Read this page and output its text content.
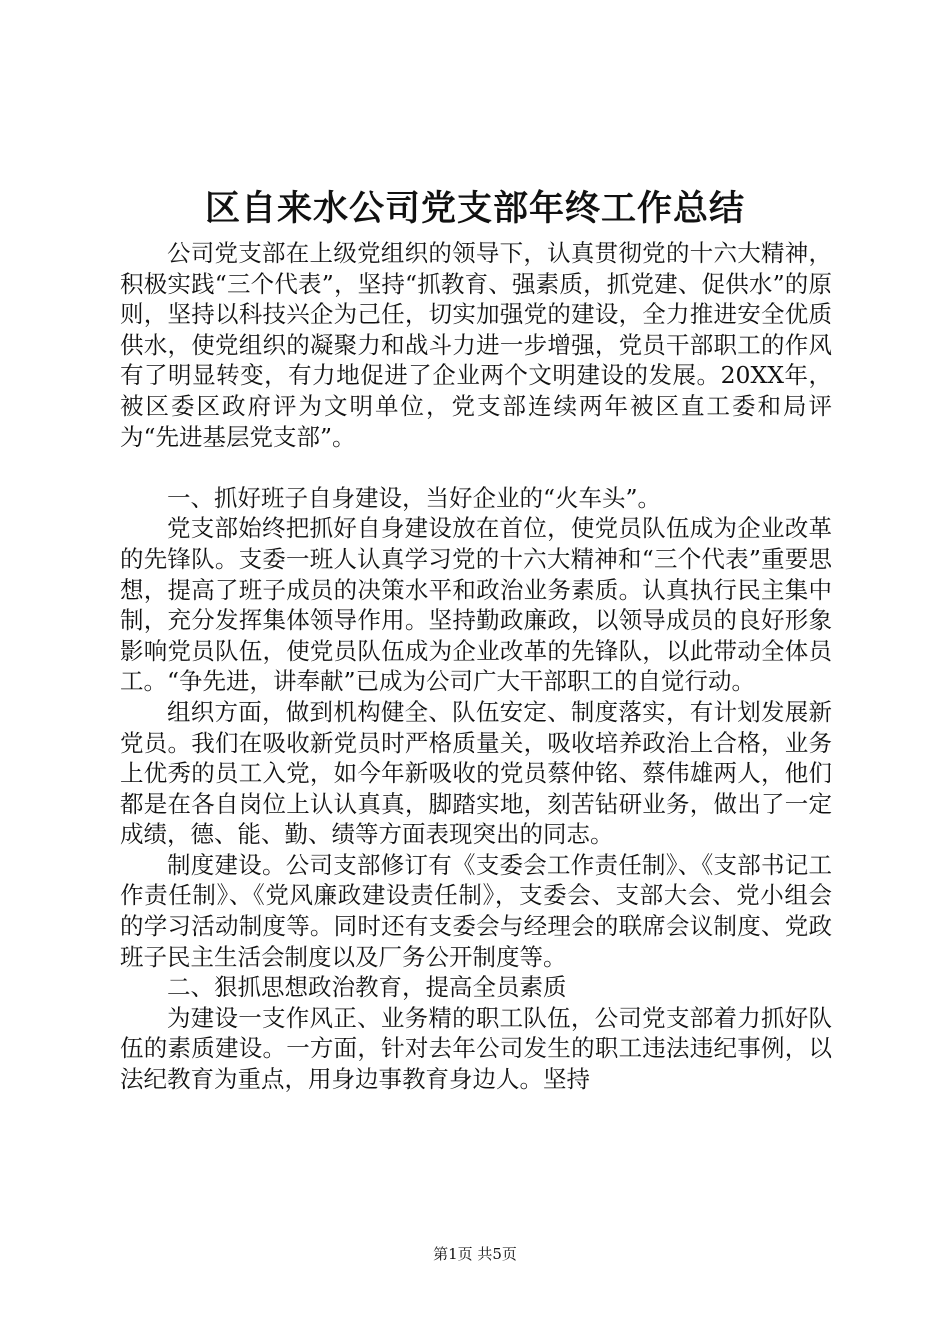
区自来水公司党支部年终工作总结

公司党支部在上级党组织的领导下，认真贯彻党的十六大精神，积极实践“三个代表”，坚持“抓教育、强素质，抓党建、促供水”的原则，坚持以科技兴企为己任，切实加强党的建设，全力推进安全优质供水，使党组织的凝聚力和战斗力进一步增强，党员干部职工的作风有了明显转变，有力地促进了企业两个文明建设的发展。20XX年，被区委区政府评为文明单位，党支部连续两年被区直工委和局评为“先进基层党支部”。

一、抓好班子自身建设，当好企业的“火车头”。

党支部始终把抓好自身建设放在首位，使党员队伍成为企业改革的先锋队。支委一班人认真学习党的十六大精神和“三个代表”重要思想，提高了班子成员的决策水平和政治业务素质。认真执行民主集中制，充分发挥集体领导作用。坚持勤政廉政，以领导成员的良好形象影响党员队伍，使党员队伍成为企业改革的先锋队，以此带动全体员工。“争先进，讲奉献”已成为公司广大干部职工的自觉行动。

组织方面，做到机构健全、队伍安定、制度落实，有计划发展新党员。我们在吸收新党员时严格质量关，吸收培养政治上合格，业务上优秀的员工入党，如今年新吸收的党员蔡仲铭、蔡伟雄两人，他们都是在各自岗位上认认真真，脚踏实地，刻苦钻研业务，做出了一定成绩，德、能、勤、绩等方面表现突出的同志。

制度建设。公司支部修订有《支委会工作责任制》、《支部书记工作责任制》、《党风廉政建设责任制》，支委会、支部大会、党小组会的学习活动制度等。同时还有支委会与经理会的联席会议制度、党政班子民主生活会制度以及厂务公开制度等。

二、狠抓思想政治教育，提高全员素质

为建设一支作风正、业务精的职工队伍，公司党支部着力抓好队伍的素质建设。一方面，针对去年公司发生的职工违法违纪事例，以法纪教育为重点，用身边事教育身边人。坚持

第1页 共5页
